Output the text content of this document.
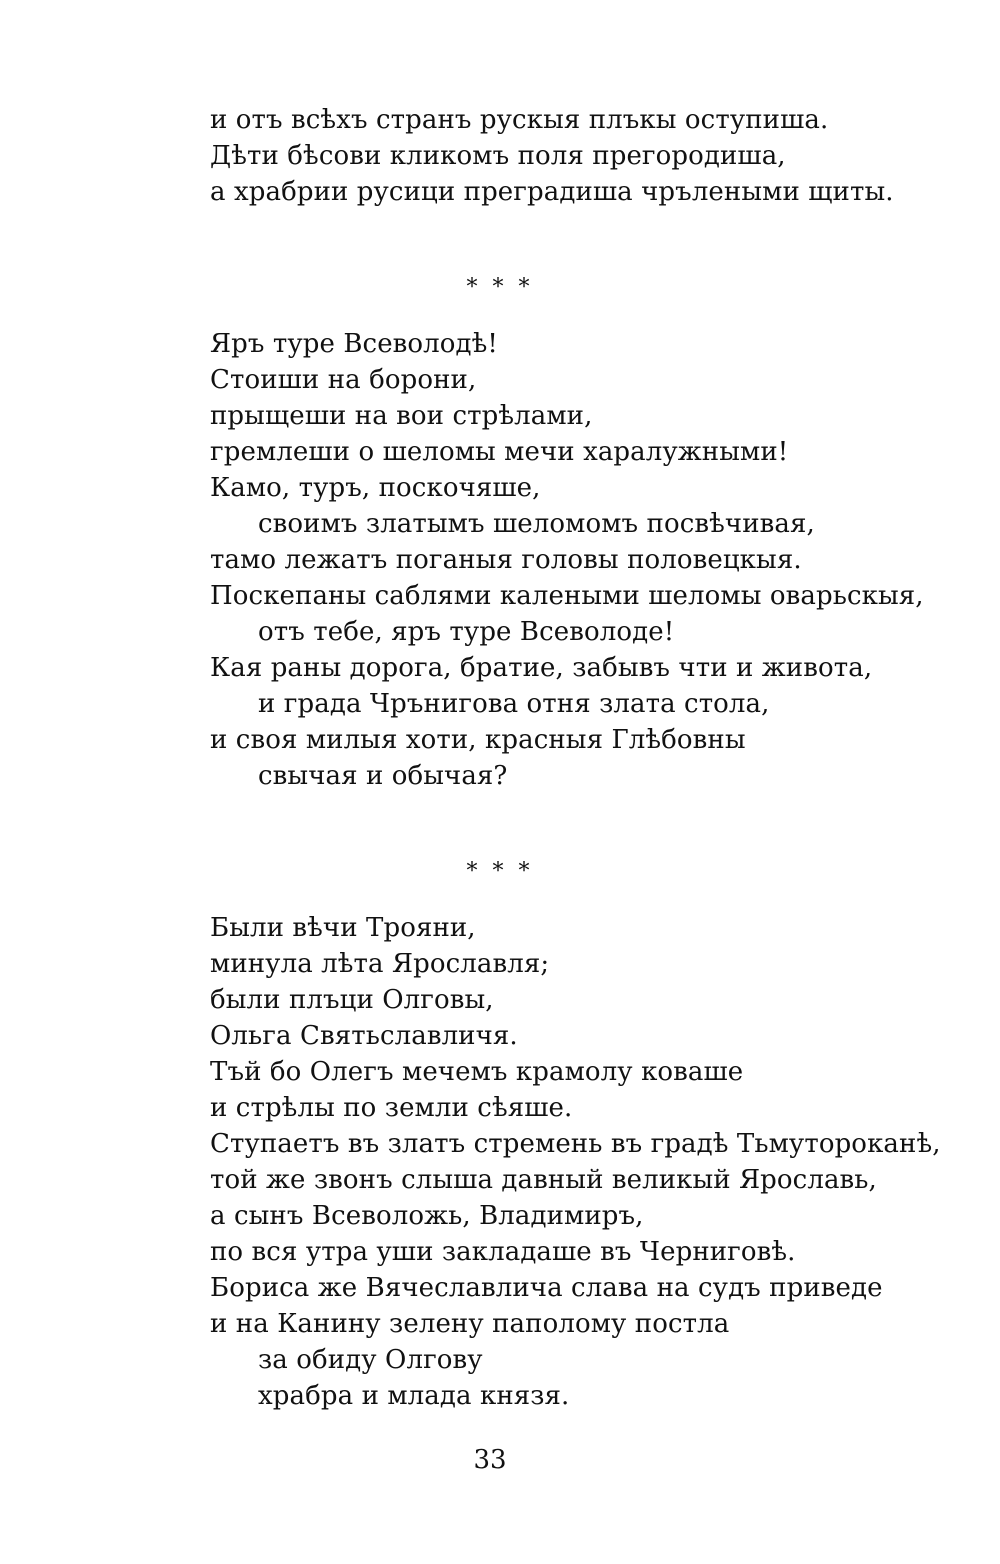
и отъ всѣхъ странъ рускыя плъкы оступиша.
Дѣти бѣсови кликомъ поля прегородиша,
а храбрии русици преградиша чрълеными щиты.
* * *
Яръ туре Всеволодѣ!
Стоиши на борони,
прыщеши на вои стрѣлами,
гремлеши о шеломы мечи харалужными!
Камо, туръ, поскочяше,
своимъ златымъ шеломомъ посвѣчивая,
тамо лежатъ поганыя головы половецкыя.
Поскепаны саблями калеными шеломы оварьскыя,
отъ тебе, яръ туре Всеволоде!
Кая раны дорога, братие, забывъ чти и живота,
и града Чрънигова отня злата стола,
и своя милыя хоти, красныя Глѣбовны
свычая и обычая?
* * *
Были вѣчи Трояни,
минула лѣта Ярославля;
были плъци Олговы,
Ольга Святьславличя.
Тъй бо Олегъ мечемъ крамолу коваше
и стрѣлы по земли сѣяше.
Ступаетъ въ златъ стремень въ градѣ Тьмутороканѣ,
той же звонъ слыша давный великый Ярославь,
а сынъ Всеволожь, Владимиръ,
по вся утра уши закладаше въ Черниговѣ.
Бориса же Вячеславлича слава на судъ приведе
и на Канину зелену паполому постла
за обиду Олгову
храбра и млада князя.
33
